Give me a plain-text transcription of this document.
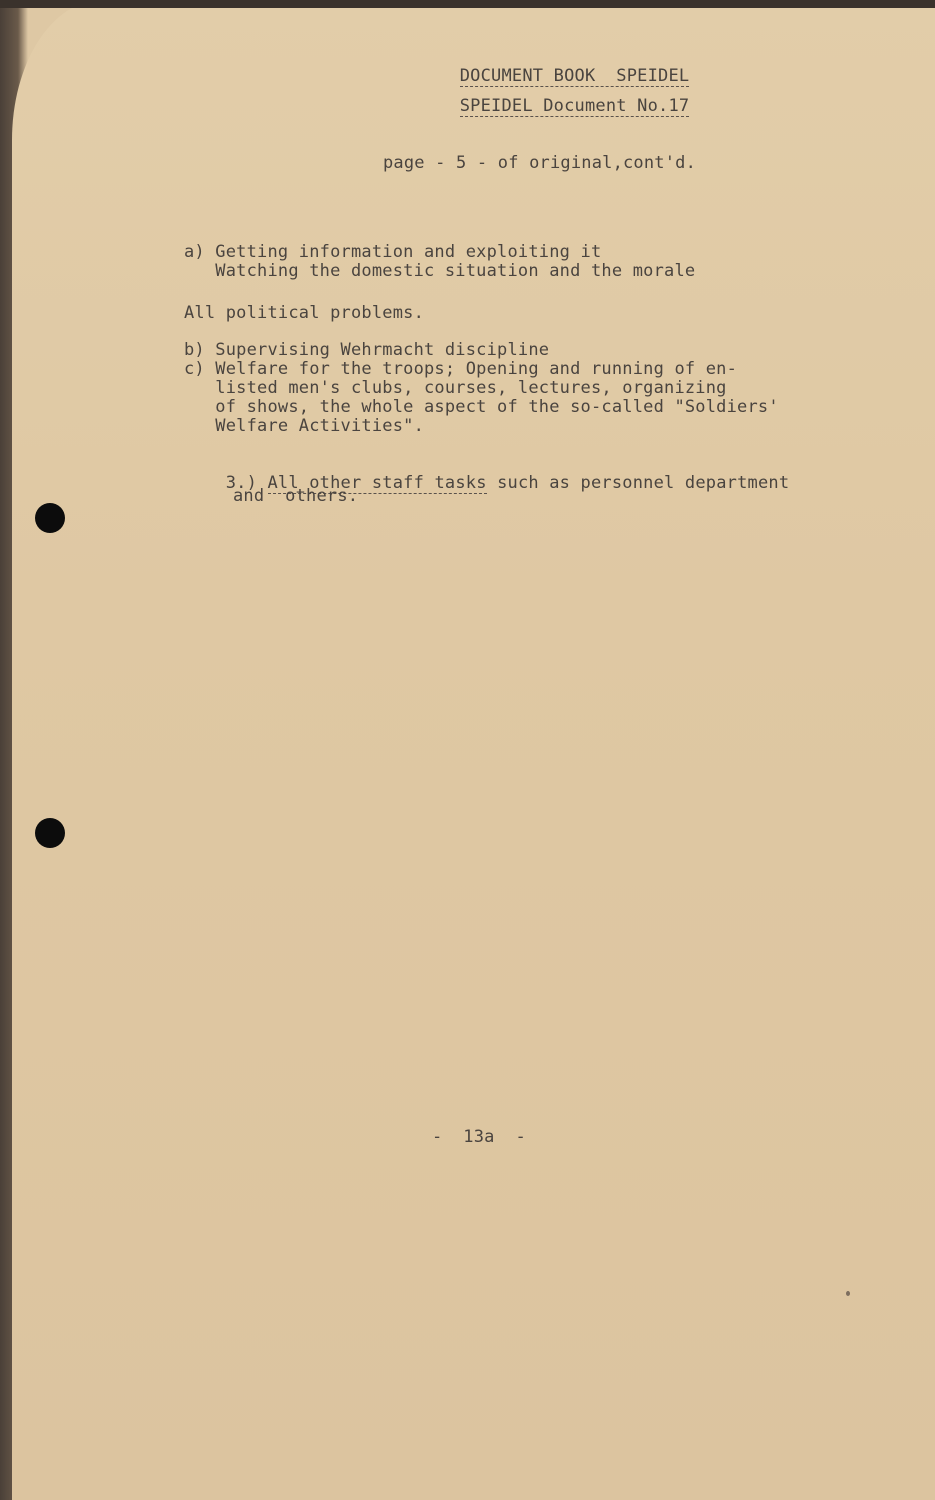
DOCUMENT BOOK  SPEIDEL

SPEIDEL Document No.17

page - 5 - of original,cont'd.
a) Getting information and exploiting it
Watching the domestic situation and the morale
All political problems.
b) Supervising Wehrmacht discipline
c) Welfare for the troops; Opening and running of en-
listed men's clubs, courses, lectures, organizing
of shows, the whole aspect of the so-called "Soldiers'
Welfare Activities".

3.) All other staff tasks such as personnel department

and  others.
-  13a  -
